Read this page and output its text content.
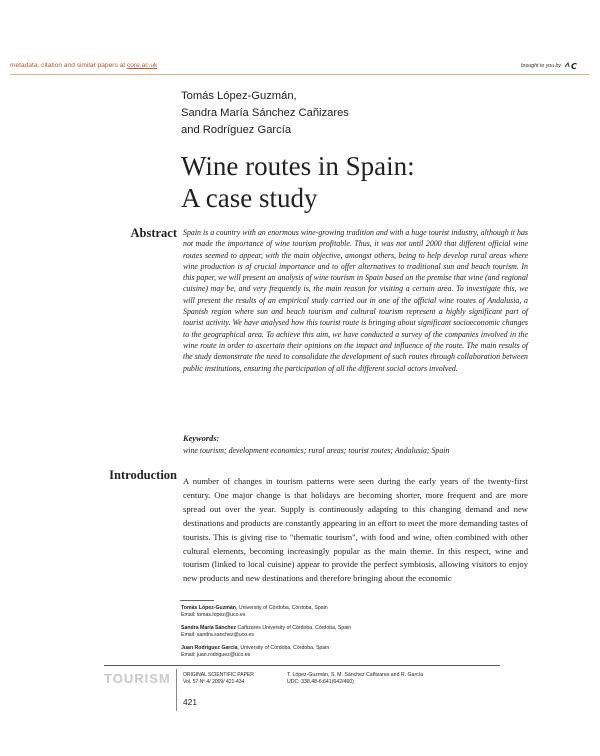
metadata, citation and similar papers at core.ac.uk	brought to you by C
Tomás López-Guzmán,
Sandra María Sánchez Cañizares
and Rodríguez García
Wine routes in Spain:
A case study
Abstract Spain is a country with an enormous wine-growing tradition and with a huge tourist industry, although it has not made the importance of wine tourism profitable. Thus, it was not until 2000 that different official wine routes seemed to appear, with the main objective, amongst others, being to help develop rural areas where wine production is of crucial importance and to offer alternatives to traditional sun and beach tourism. In this paper, we will present an analysis of wine tourism in Spain based on the premise that wine (and regional cuisine) may be, and very frequently is, the main reason for visiting a certain area. To investigate this, we will present the results of an empirical study carried out in one of the official wine routes of Andalusia, a Spanish region where sun and beach tourism and cultural tourism represent a highly significant part of tourist activity. We have analysed how this tourist route is bringing about significant socioeconomic changes to the geographical area. To achieve this aim, we have conducted a survey of the companies involved in the wine route in order to ascertain their opinions on the impact and influence of the route. The main results of the study demonstrate the need to consolidate the development of such routes through collaboration between public institutions, ensuring the participation of all the different social actors involved.

Keywords:
wine tourism; development economics; rural areas; tourist routes; Andalusia; Spain
Introduction A number of changes in tourism patterns were seen during the early years of the twenty-first century. One major change is that holidays are becoming shorter, more frequent and are more spread out over the year. Supply is continuously adapting to this changing demand and new destinations and products are constantly appearing in an effort to meet the more demanding tastes of tourists. This is giving rise to "thematic tourism", with food and wine, often combined with other cultural elements, becoming increasingly popular as the main theme. In this respect, wine and tourism (linked to local cuisine) appear to provide the perfect symbiosis, allowing visitors to enjoy new products and new destinations and therefore bringing about the economic

Tomás López-Guzmán, University of Córdoba, Córdoba, Spain
Email: tomas.lopez@uco.es
Sandra María Sánchez Cañizares University of Córdoba, Córdoba, Spain
Email: sandra.sanchez@uco.es
Juan Rodríguez García, University of Córdoba, Córdoba, Spain
Email: juan.rodriguez@uco.es
TOURISM ORIGINAL SCIENTIFIC PAPER
Vol. 57 Nº 4/ 2009/ 421-434
T. López-Guzmán, S. M. Sánchez Cañizares and R. García
UDC: 338.48-6:641(642/460)
421
